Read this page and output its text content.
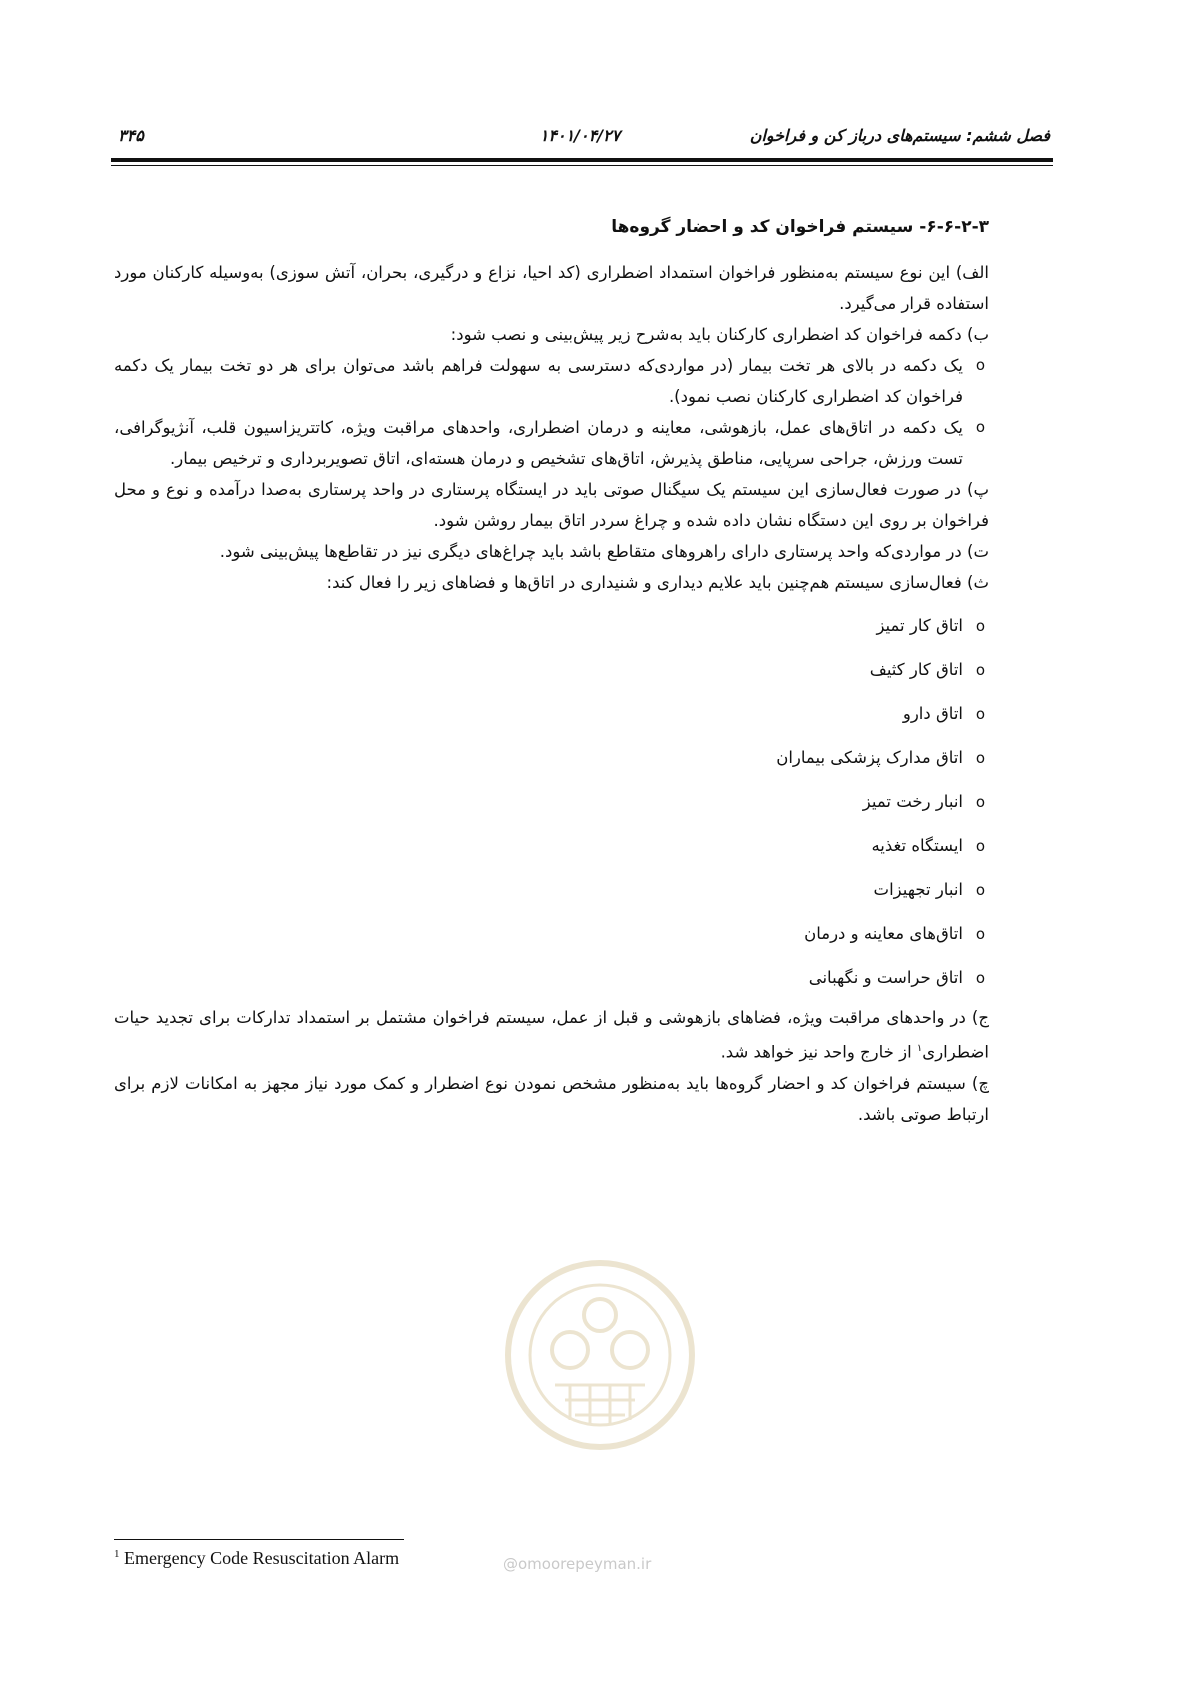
فصل ششم: سیستم‌های درباز کن و فراخوان
۱۴۰۱/۰۴/۲۷
۳۴۵
۶-۶-۲-۳- سیستم فراخوان کد و احضار گروه‌ها

الف) این نوع سیستم به‌منظور فراخوان استمداد اضطراری (کد احیا، نزاع و درگیری، بحران، آتش سوزی) به‌وسیله کارکنان مورد استفاده قرار می‌گیرد.

ب) دکمه فراخوان کد اضطراری کارکنان باید به‌شرح زیر پیش‌بینی و نصب شود:

o یک دکمه در بالای هر تخت بیمار (در مواردی‌که دسترسی به سهولت فراهم باشد می‌توان برای هر دو تخت بیمار یک دکمه فراخوان کد اضطراری کارکنان نصب نمود).

o یک دکمه در اتاق‌های عمل، بازهوشی، معاینه و درمان اضطراری، واحدهای مراقبت ویژه، کاتتریزاسیون قلب، آنژیوگرافی، تست ورزش، جراحی سرپایی، مناطق پذیرش، اتاق‌های تشخیص و درمان هسته‌ای، اتاق تصویربرداری و ترخیص بیمار.

پ) در صورت فعال‌سازی این سیستم یک سیگنال صوتی باید در ایستگاه پرستاری در واحد پرستاری به‌صدا درآمده و نوع و محل فراخوان بر روی این دستگاه نشان داده شده و چراغ سردر اتاق بیمار روشن شود.

ت) در مواردی‌که واحد پرستاری دارای راهروهای متقاطع باشد باید چراغ‌های دیگری نیز در تقاطع‌ها پیش‌بینی شود.

ث) فعال‌سازی سیستم هم‌چنین باید علایم دیداری و شنیداری در اتاق‌ها و فضاهای زیر را فعال کند:

o اتاق کار تمیز
o اتاق کار کثیف
o اتاق دارو
o اتاق مدارک پزشکی بیماران
o انبار رخت تمیز
o ایستگاه تغذیه
o انبار تجهیزات
o اتاق‌های معاینه و درمان
o اتاق حراست و نگهبانی

ج) در واحدهای مراقبت ویژه، فضاهای بازهوشی و قبل از عمل، سیستم فراخوان مشتمل بر استمداد تدارکات برای تجدید حیات اضطراری$^۱$ از خارج واحد نیز خواهد شد.

چ) سیستم فراخوان کد و احضار گروه‌ها باید به‌منظور مشخص نمودن نوع اضطرار و کمک مورد نیاز مجهز به امکانات لازم برای ارتباط صوتی باشد.

$^1$ Emergency Code Resuscitation Alarm	@omoorepeyman.ir
